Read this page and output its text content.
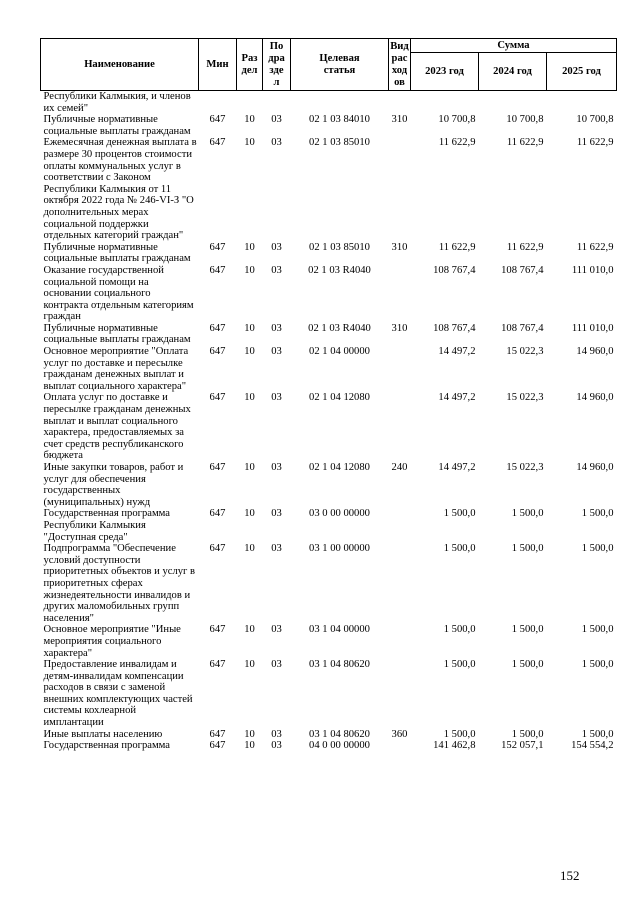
Наименование	Мин	Раз
дел	По
дра
зде
л	Целевая
статья	Вид
рас
ход
ов	Сумма		
						2023 год	2024 год	2025 год
Республики Калмыкия, и членов их семей"								
Публичные нормативные социальные выплаты гражданам	647	10	03	02 1 03 84010	310	10 700,8	10 700,8	10 700,8
Ежемесячная денежная выплата в размере 30 процентов стоимости оплаты коммунальных услуг в соответствии с Законом Республики Калмыкия от 11 октября 2022 года № 246-VI-З "О дополнительных мерах социальной поддержки отдельных категорий граждан"	647	10	03	02 1 03 85010		11 622,9	11 622,9	11 622,9
Публичные нормативные социальные выплаты гражданам	647	10	03	02 1 03 85010	310	11 622,9	11 622,9	11 622,9
Оказание государственной социальной помощи на основании социального контракта отдельным категориям граждан	647	10	03	02 1 03 R4040		108 767,4	108 767,4	111 010,0
Публичные нормативные социальные выплаты гражданам	647	10	03	02 1 03 R4040	310	108 767,4	108 767,4	111 010,0
Основное мероприятие "Оплата услуг по доставке и пересылке гражданам денежных выплат и выплат социального характера"	647	10	03	02 1 04 00000		14 497,2	15 022,3	14 960,0
Оплата услуг по доставке и пересылке гражданам денежных выплат и выплат социального характера, предоставляемых за счет средств республиканского бюджета	647	10	03	02 1 04 12080		14 497,2	15 022,3	14 960,0
Иные закупки товаров, работ и услуг для обеспечения государственных (муниципальных) нужд	647	10	03	02 1 04 12080	240	14 497,2	15 022,3	14 960,0
Государственная программа Республики Калмыкия "Доступная среда"	647	10	03	03 0 00 00000		1 500,0	1 500,0	1 500,0
Подпрограмма "Обеспечение условий доступности приоритетных объектов и услуг в приоритетных сферах жизнедеятельности инвалидов и других маломобильных групп населения"	647	10	03	03 1 00 00000		1 500,0	1 500,0	1 500,0
Основное мероприятие "Иные мероприятия социального характера"	647	10	03	03 1 04 00000		1 500,0	1 500,0	1 500,0
Предоставление инвалидам и детям-инвалидам компенсации расходов в связи с заменой внешних комплектующих частей системы кохлеарной имплантации	647	10	03	03 1 04 80620		1 500,0	1 500,0	1 500,0
Иные выплаты населению	647	10	03	03 1 04 80620	360	1 500,0	1 500,0	1 500,0
Государственная программа	647	10	03	04 0 00 00000		141 462,8	152 057,1	154 554,2
152
